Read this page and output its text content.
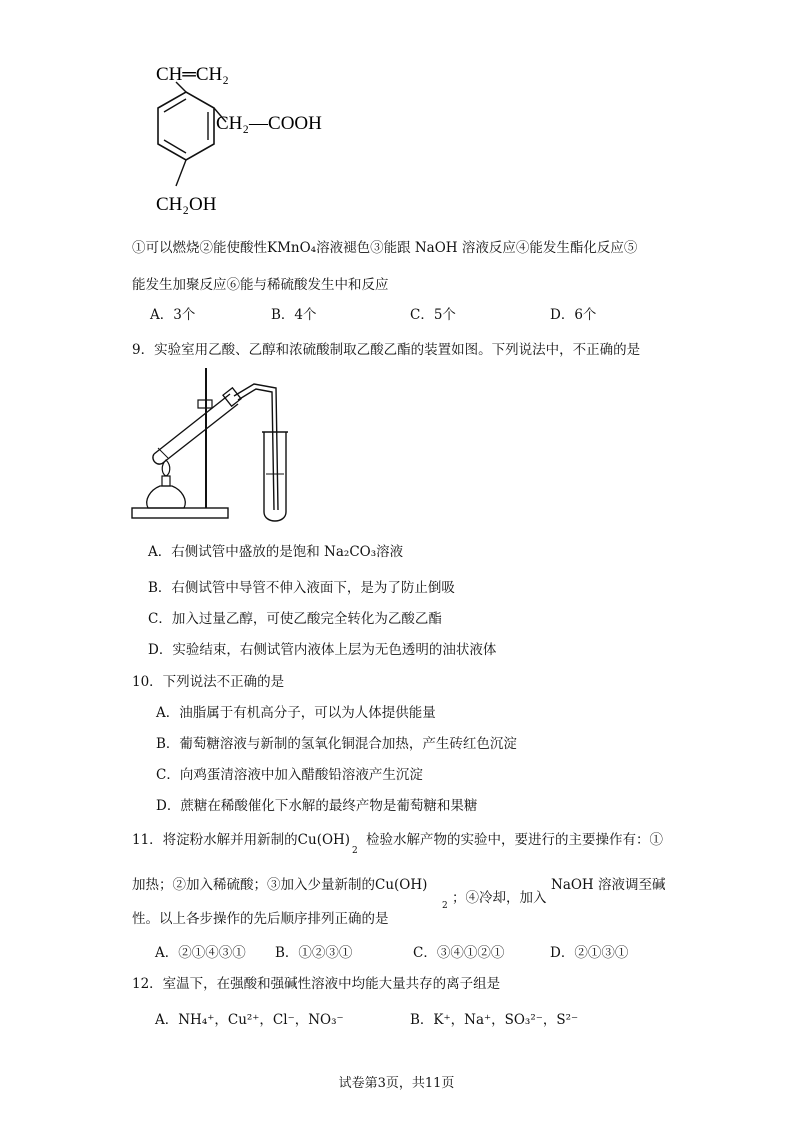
CH═CH₂
CH₂—COOH
CH₂OH
①可以燃烧②能使酸性KMnO₄溶液褪色③能跟 NaOH 溶液反应④能发生酯化反应⑤
能发生加聚反应⑥能与稀硫酸发生中和反应
A．3个	B．4个	C．5个	D．6个
9．实验室用乙酸、乙醇和浓硫酸制取乙酸乙酯的装置如图。下列说法中，不正确的是
A．右侧试管中盛放的是饱和 Na₂CO₃溶液
B．右侧试管中导管不伸入液面下，是为了防止倒吸
C．加入过量乙醇，可使乙酸完全转化为乙酸乙酯
D．实验结束，右侧试管内液体上层为无色透明的油状液体
10．下列说法不正确的是
A．油脂属于有机高分子，可以为人体提供能量
B．葡萄糖溶液与新制的氢氧化铜混合加热，产生砖红色沉淀
C．向鸡蛋清溶液中加入醋酸铅溶液产生沉淀
D．蔗糖在稀酸催化下水解的最终产物是葡萄糖和果糖
11．将淀粉水解并用新制的Cu(OH)
2
检验水解产物的实验中，要进行的主要操作有：①
加热；②加入稀硫酸；③加入少量新制的Cu(OH)
2 ；④冷却，加入
NaOH 溶液调至碱
性。以上各步操作的先后顺序排列正确的是
A．②①④③① B．①②③①	C．③④①②①	D．②①③①
12．室温下，在强酸和强碱性溶液中均能大量共存的离子组是
A．NH₄⁺，Cu²⁺，Cl⁻，NO₃⁻	B．K⁺，Na⁺，SO₃²⁻，S²⁻
试卷第3页，共11页
